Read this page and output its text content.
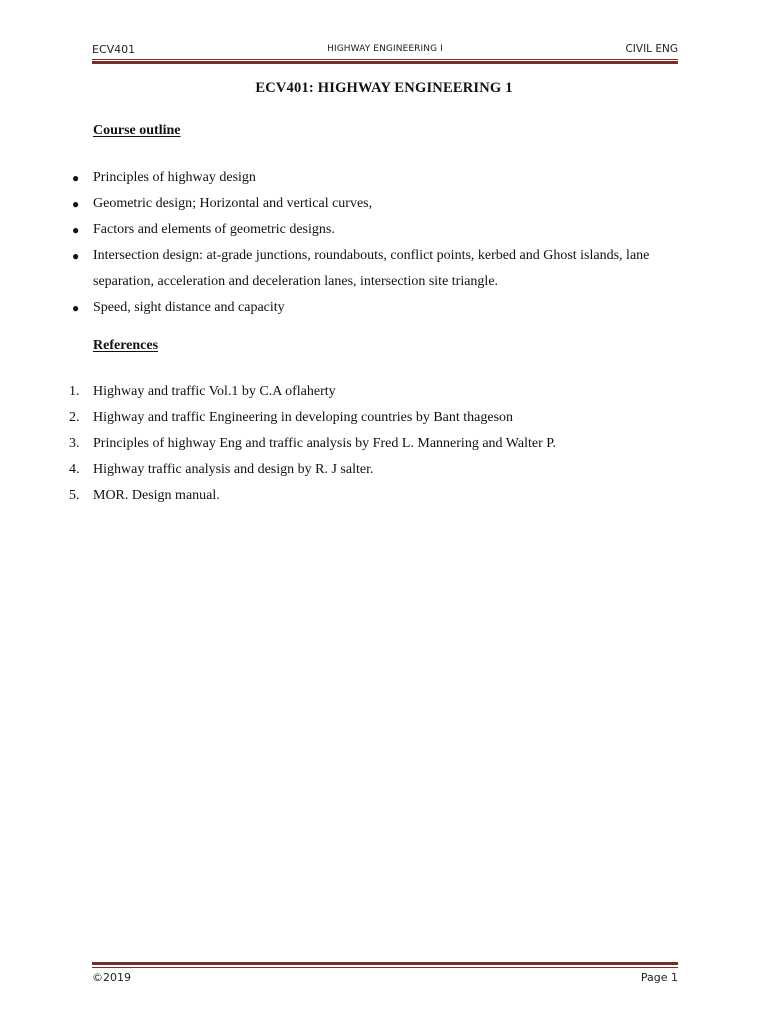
ECV401	HIGHWAY ENGINEERING I	CIVIL ENG
ECV401: HIGHWAY ENGINEERING 1
Course outline
● Principles of highway design
● Geometric design; Horizontal and vertical curves,
● Factors and elements of geometric designs.
● Intersection design: at-grade junctions, roundabouts, conflict points, kerbed and Ghost islands, lane separation, acceleration and deceleration lanes, intersection site triangle.
● Speed, sight distance and capacity
References
1. Highway and traffic Vol.1 by C.A oflaherty
2. Highway and traffic Engineering in developing countries by Bant thageson
3. Principles of highway Eng and traffic analysis by Fred L. Mannering and Walter P.
4. Highway traffic analysis and design by R. J salter.
5. MOR. Design manual.
©2019	Page 1
